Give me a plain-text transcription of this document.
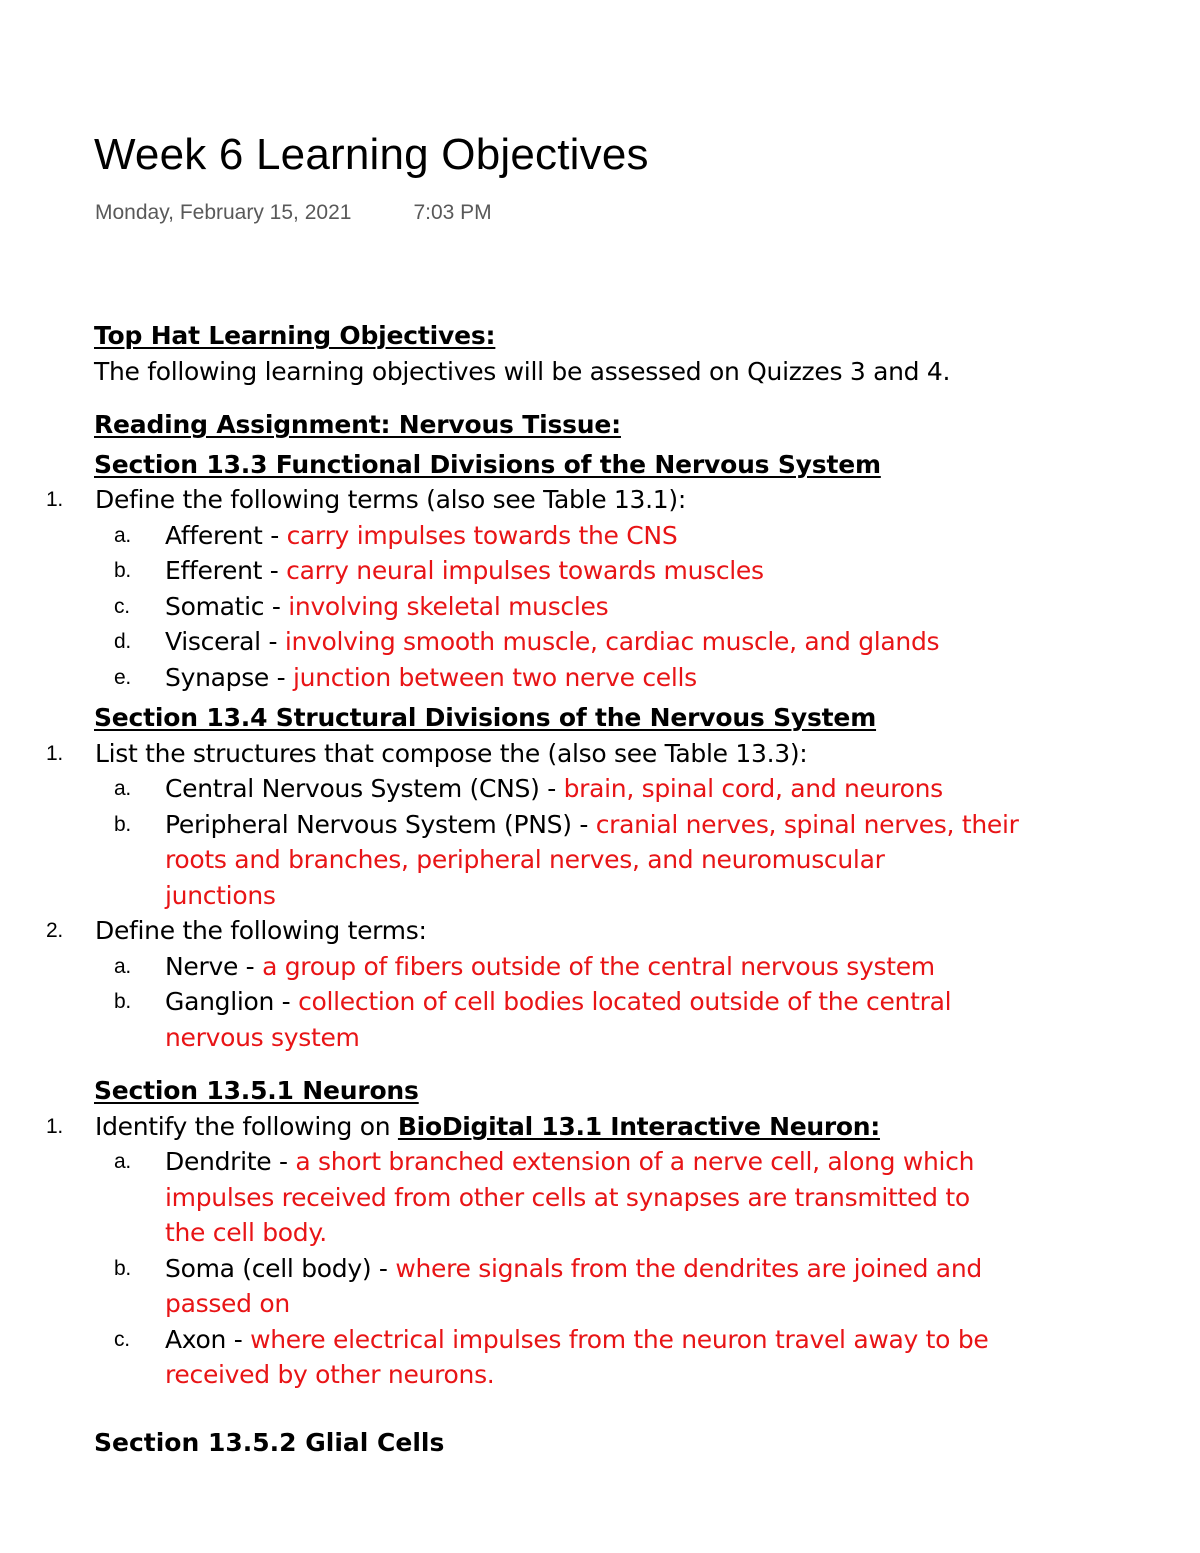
Week 6 Learning Objectives
Monday, February 15, 2021	7:03 PM
Top Hat Learning Objectives:
The following learning objectives will be assessed on Quizzes 3 and 4.
Reading Assignment: Nervous Tissue:
Section 13.3 Functional Divisions of the Nervous System
1. Define the following terms (also see Table 13.1):
a. Afferent - carry impulses towards the CNS
b. Efferent - carry neural impulses towards muscles
c. Somatic - involving skeletal muscles
d. Visceral - involving smooth muscle, cardiac muscle, and glands
e. Synapse - junction between two nerve cells
Section 13.4 Structural Divisions of the Nervous System
1. List the structures that compose the (also see Table 13.3):
a. Central Nervous System (CNS) - brain, spinal cord, and neurons
b. Peripheral Nervous System (PNS) - cranial nerves, spinal nerves, their
roots and branches, peripheral nerves, and neuromuscular
junctions
2. Define the following terms:
a. Nerve - a group of fibers outside of the central nervous system
b. Ganglion - collection of cell bodies located outside of the central
nervous system
Section 13.5.1 Neurons
1. Identify the following on BioDigital 13.1 Interactive Neuron:
a. Dendrite - a short branched extension of a nerve cell, along which
impulses received from other cells at synapses are transmitted to
the cell body.
b. Soma (cell body) - where signals from the dendrites are joined and
passed on
c. Axon - where electrical impulses from the neuron travel away to be
received by other neurons.
Section 13.5.2 Glial Cells
